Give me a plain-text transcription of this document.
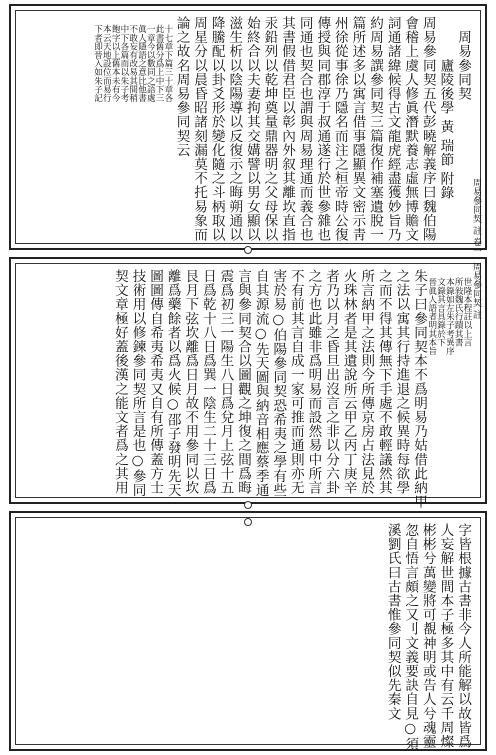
　周易參同契
　　　廬陵後學 黃 瑞節 附錄
周易參同契五代彭曉解義序曰魏伯陽
會稽上虞人修眞潛默養志虛無博贍文
詞通諸緯候得古文龍虎經盡獲妙旨乃
約周易譔參同契三篇復作補塞遺脫一
篇所述多以寓言借事隱顯異文密示靑
州徐從事徐乃隱名而注之桓帝時公復
傳授與同郡淳于叔通遂行於世參雜也
同通也契合也謂與周易理通而義合也
其書假借君臣以彰內外叙其離坎直指
汞鉛列以乾坤奠量鼎器明之父母保以
始終合以夫妻拘其交媾譬以男女顯以
滋生析以陰陽導以反復示之晦朔通以
降騰配以卦爻形於變化隨之斗柄取以
周星分以晨昏昭諸刻漏莫不托易象而
論之故名周易參同契云
　十七章下篇三十章各
　此書舊分爲上中下三
　一章今以數同之語處
　眞人隱語之意比他書
　不敢妄有改易其間稍
　中下各篇而以朱子考
　飽字以上舊本未有今
　本云天地設位而易行
　下者即晉入如朱子記
周易參同契 註 卷一
　世隆本程註以上言
　所敍魏氏行蹟其書
　本錄如左朱子考異序
　文錄其言具錄於下
　晉眞人語者明其本旨
朱子曰參同契本不爲明易乃姑借此納甲
之法以寓其行持進退之候異時每欲學
之而不得其傳無下手處不敢輕議然其
所言納甲之法則今所傳京房占法見於
火珠林者是其遺說所云甲乙丙丁庚辛
者乃以月之昏旦出沒言之非以分六卦
之方也此雖非爲明易而設然易中所言
不有前其言自成一家可推而通則亦无
害於易○伯陽參同契恐希夷之學有些
自其源流○先天圖與納音相應蔡季通
言與參同契合以圖觀之坤復之間爲晦
震爲初三一陽生八日爲兌月上弦十五
日爲乾十八日爲巽一陰生二十三日爲
艮月下弦坎離爲日月故不用參同以坎
離爲藥餘者以爲火候○邵子發明先天
圖圖傳自希夷希夷又自有所傳蓋方士
技術用以修鍊參同契所言是也○參同
契文章極好蓋後漢之能文者爲之其用	周易參同契 註
字皆根據古書非今人所能解以故皆爲
人妄解世間本子極多其中有云千周燦
彬彬兮萬變將可覩神明或告人兮魂靈
忽自悟言頗之又刂文義要訣自見○須
溪劉氏曰古書惟參同契似先秦文
